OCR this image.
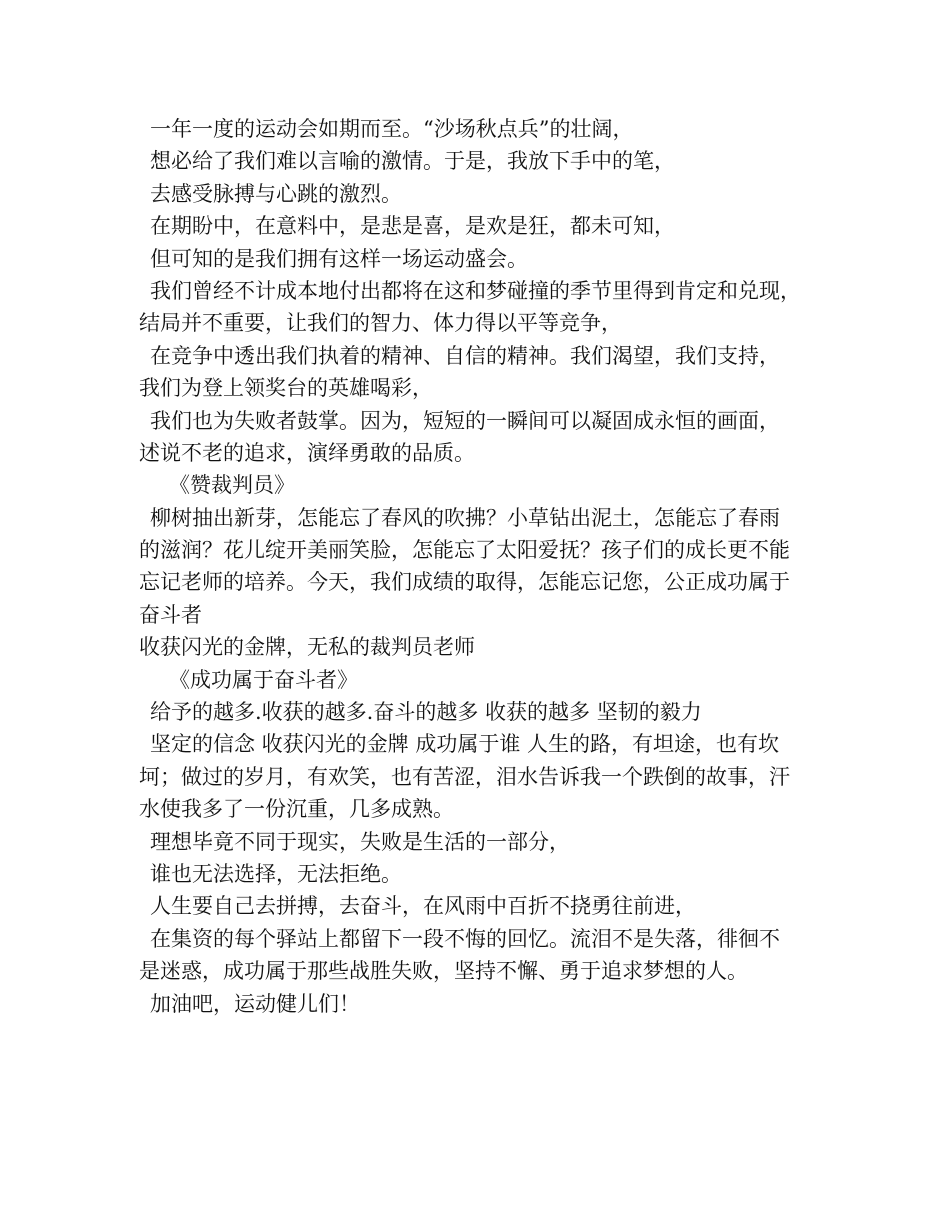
一年一度的运动会如期而至。“沙场秋点兵”的壮阔，
想必给了我们难以言喻的激情。于是，我放下手中的笔，
去感受脉搏与心跳的激烈。
在期盼中，在意料中，是悲是喜，是欢是狂，都未可知，
但可知的是我们拥有这样一场运动盛会。
我们曾经不计成本地付出都将在这和梦碰撞的季节里得到肯定和兑现，
结局并不重要，让我们的智力、体力得以平等竞争，
在竞争中透出我们执着的精神、自信的精神。我们渴望，我们支持，
我们为登上领奖台的英雄喝彩，
我们也为失败者鼓掌。因为，短短的一瞬间可以凝固成永恒的画面，
述说不老的追求，演绎勇敢的品质。
《赞裁判员》
柳树抽出新芽，怎能忘了春风的吹拂？小草钻出泥土，怎能忘了春雨
的滋润？花儿绽开美丽笑脸，怎能忘了太阳爱抚？孩子们的成长更不能
忘记老师的培养。今天，我们成绩的取得，怎能忘记您，公正成功属于
奋斗者
收获闪光的金牌，无私的裁判员老师
《成功属于奋斗者》
给予的越多.收获的越多.奋斗的越多 收获的越多 坚韧的毅力
坚定的信念 收获闪光的金牌 成功属于谁 人生的路，有坦途，也有坎
坷；做过的岁月，有欢笑，也有苦涩，泪水告诉我一个跌倒的故事，汗
水使我多了一份沉重，几多成熟。
理想毕竟不同于现实，失败是生活的一部分，
谁也无法选择，无法拒绝。
人生要自己去拼搏，去奋斗，在风雨中百折不挠勇往前进，
在集资的每个驿站上都留下一段不悔的回忆。流泪不是失落，徘徊不
是迷惑，成功属于那些战胜失败，坚持不懈、勇于追求梦想的人。
加油吧，运动健儿们！
